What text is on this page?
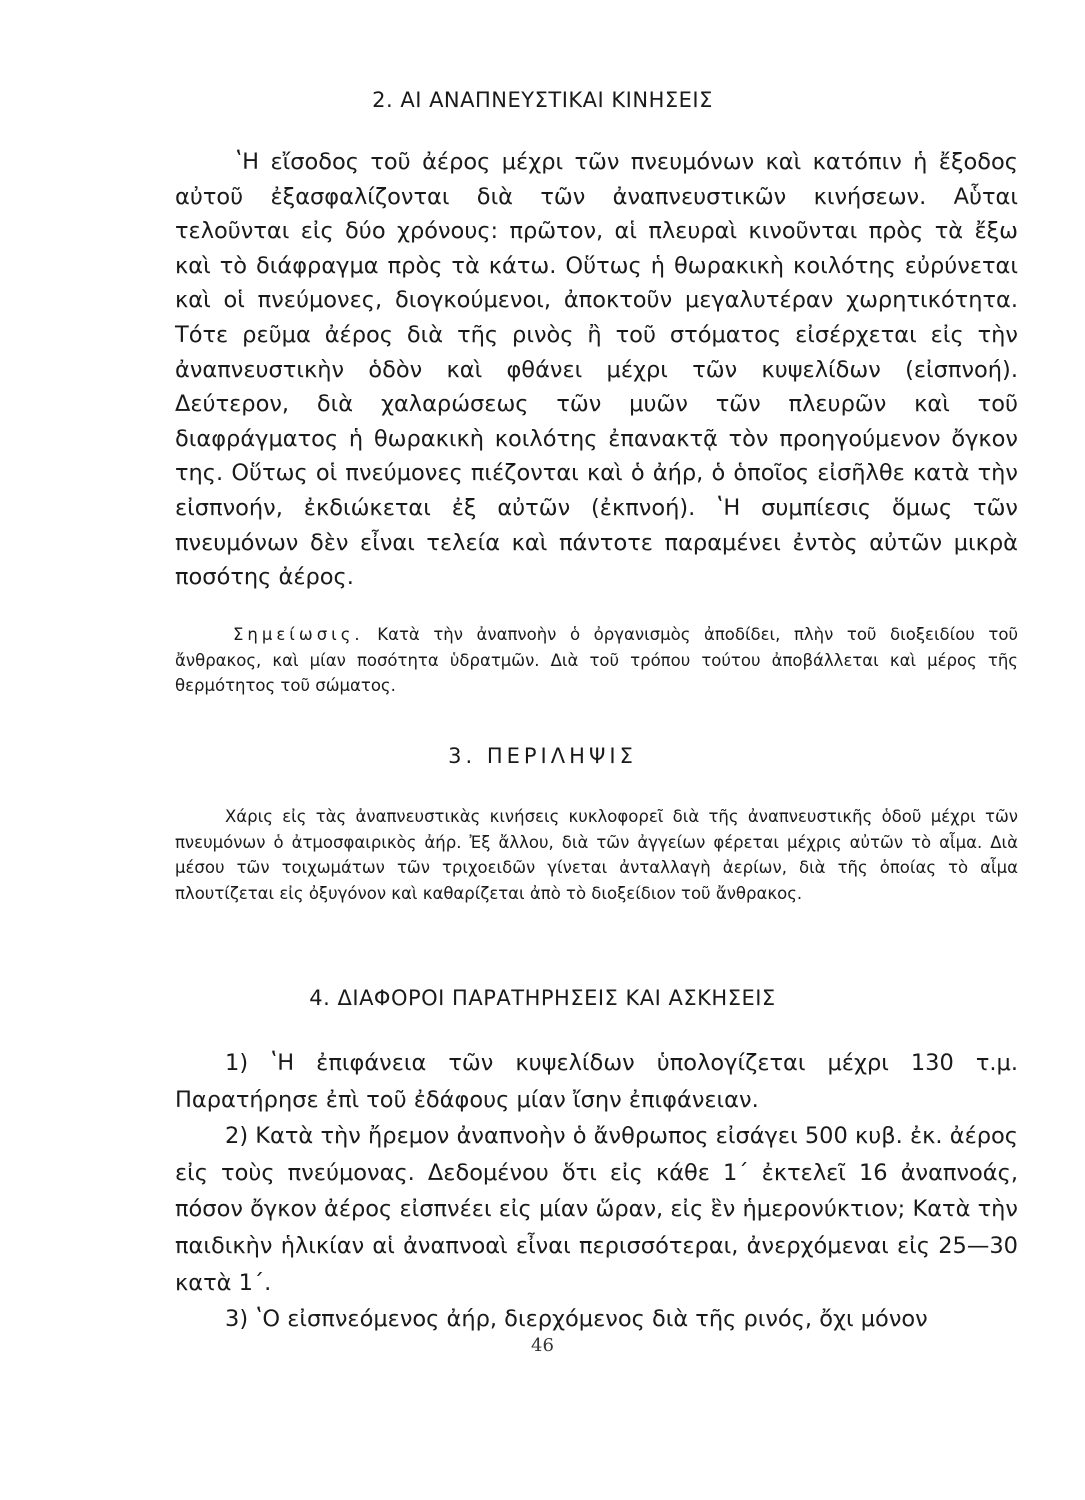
2. ΑΙ ΑΝΑΠΝΕΥΣΤΙΚΑΙ ΚΙΝΗΣΕΙΣ

ʽΗ εἴσοδος τοῦ ἀέρος μέχρι τῶν πνευμόνων καὶ κατόπιν ἡ ἔξοδος αὐτοῦ ἐξασφαλίζονται διὰ τῶν ἀναπνευστικῶν κινήσεων. Αὗται τελοῦνται εἰς δύο χρόνους: πρῶτον, αἱ πλευραὶ κινοῦνται πρὸς τὰ ἔξω καὶ τὸ διάφραγμα πρὸς τὰ κάτω. Οὕτως ἡ θωρακικὴ κοιλότης εὐρύνεται καὶ οἱ πνεύμονες, διογκούμενοι, ἀποκτοῦν μεγαλυτέραν χωρητικότητα. Τότε ρεῦμα ἀέρος διὰ τῆς ρινὸς ἢ τοῦ στόματος εἰσέρχεται εἰς τὴν ἀναπνευστικὴν ὁδὸν καὶ φθάνει μέχρι τῶν κυψελίδων (εἰσπνοή). Δεύτερον, διὰ χαλαρώσεως τῶν μυῶν τῶν πλευρῶν καὶ τοῦ διαφράγματος ἡ θωρακικὴ κοιλότης ἐπανακτᾷ τὸν προηγούμενον ὄγκον της. Οὕτως οἱ πνεύμονες πιέζονται καὶ ὁ ἀήρ, ὁ ὁποῖος εἰσῆλθε κατὰ τὴν εἰσπνοήν, ἐκδιώκεται ἐξ αὐτῶν (ἐκπνοή). ʽΗ συμπίεσις ὅμως τῶν πνευμόνων δὲν εἶναι τελεία καὶ πάντοτε παραμένει ἐντὸς αὐτῶν μικρὰ ποσότης ἀέρος.

Σημείωσις. Κατὰ τὴν ἀναπνοὴν ὁ ὀργανισμὸς ἀποδίδει, πλὴν τοῦ διοξειδίου τοῦ ἄνθρακος, καὶ μίαν ποσότητα ὑδρατμῶν. Διὰ τοῦ τρόπου τούτου ἀποβάλλεται καὶ μέρος τῆς θερμότητος τοῦ σώματος.

3. ΠΕΡΙΛΗΨΙΣ

Χάρις εἰς τὰς ἀναπνευστικὰς κινήσεις κυκλοφορεῖ διὰ τῆς ἀναπνευστικῆς ὁδοῦ μέχρι τῶν πνευμόνων ὁ ἀτμοσφαιρικὸς ἀήρ. Ἐξ ἄλλου, διὰ τῶν ἀγγείων φέρεται μέχρις αὐτῶν τὸ αἷμα. Διὰ μέσου τῶν τοιχωμάτων τῶν τριχοειδῶν γίνεται ἀνταλλαγὴ ἀερίων, διὰ τῆς ὁποίας τὸ αἷμα πλουτίζεται εἰς ὀξυγόνον καὶ καθαρίζεται ἀπὸ τὸ διοξείδιον τοῦ ἄνθρακος.

4. ΔΙΑΦΟΡΟΙ ΠΑΡΑΤΗΡΗΣΕΙΣ ΚΑΙ ΑΣΚΗΣΕΙΣ

1) ʽΗ ἐπιφάνεια τῶν κυψελίδων ὑπολογίζεται μέχρι 130 τ.μ. Παρατήρησε ἐπὶ τοῦ ἐδάφους μίαν ἴσην ἐπιφάνειαν.

2) Κατὰ τὴν ἤρεμον ἀναπνοὴν ὁ ἄνθρωπος εἰσάγει 500 κυβ. ἐκ. ἀέρος εἰς τοὺς πνεύμονας. Δεδομένου ὅτι εἰς κάθε 1΄ ἐκτελεῖ 16 ἀναπνοάς, πόσον ὄγκον ἀέρος εἰσπνέει εἰς μίαν ὥραν, εἰς ἓν ἡμερονύκτιον; Κατὰ τὴν παιδικὴν ἡλικίαν αἱ ἀναπνοαὶ εἶναι περισσότεραι, ἀνερχόμεναι εἰς 25—30 κατὰ 1΄.

3) ʽΟ εἰσπνεόμενος ἀήρ, διερχόμενος διὰ τῆς ρινός, ὄχι μόνον

46
